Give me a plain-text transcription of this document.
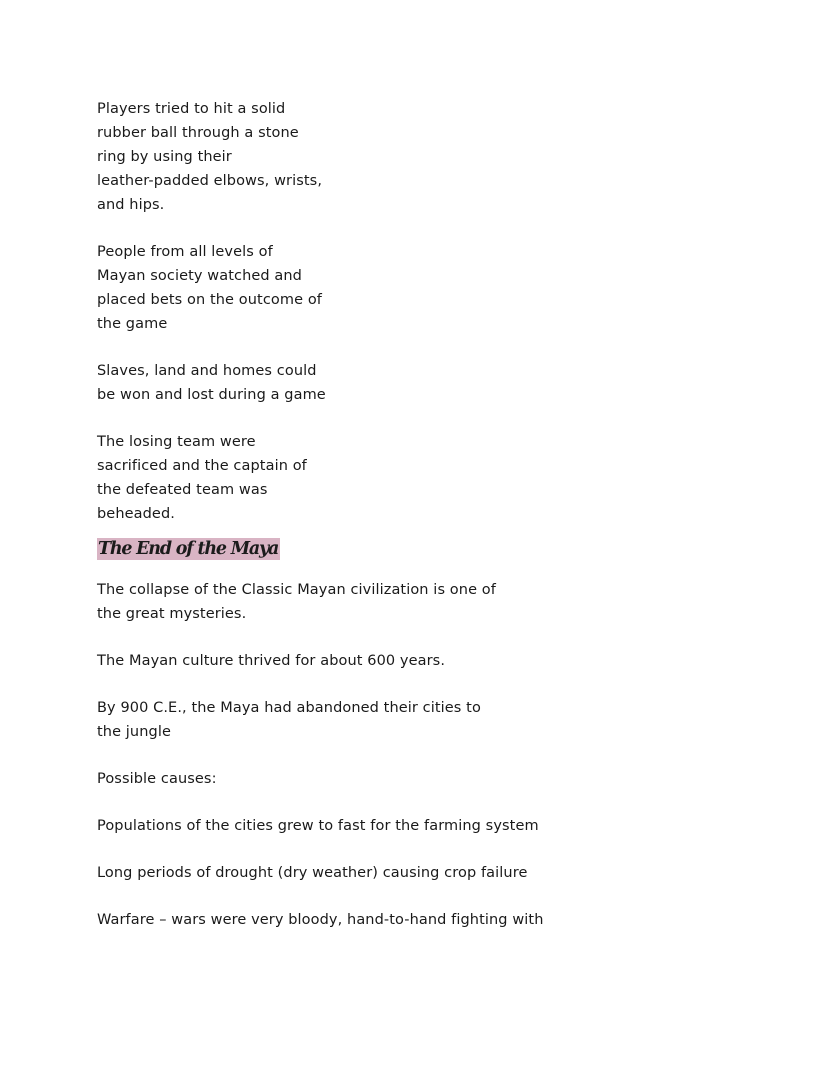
Players tried to hit a solid
rubber ball through a stone
ring by using their
leather-padded elbows, wrists,
and hips.
People from all levels of
Mayan society watched and
placed bets on the outcome of
the game
Slaves, land and homes could
be won and lost during a game
The losing team were
sacrificed and the captain of
the defeated team was
beheaded.
The End of the Maya
The collapse of the Classic Mayan civilization is one of
the great mysteries.
The Mayan culture thrived for about 600 years.
By 900 C.E., the Maya had abandoned their cities to
the jungle
Possible causes:
Populations of the cities grew to fast for the farming system
Long periods of drought (dry weather) causing crop failure
Warfare – wars were very bloody, hand-to-hand fighting with
